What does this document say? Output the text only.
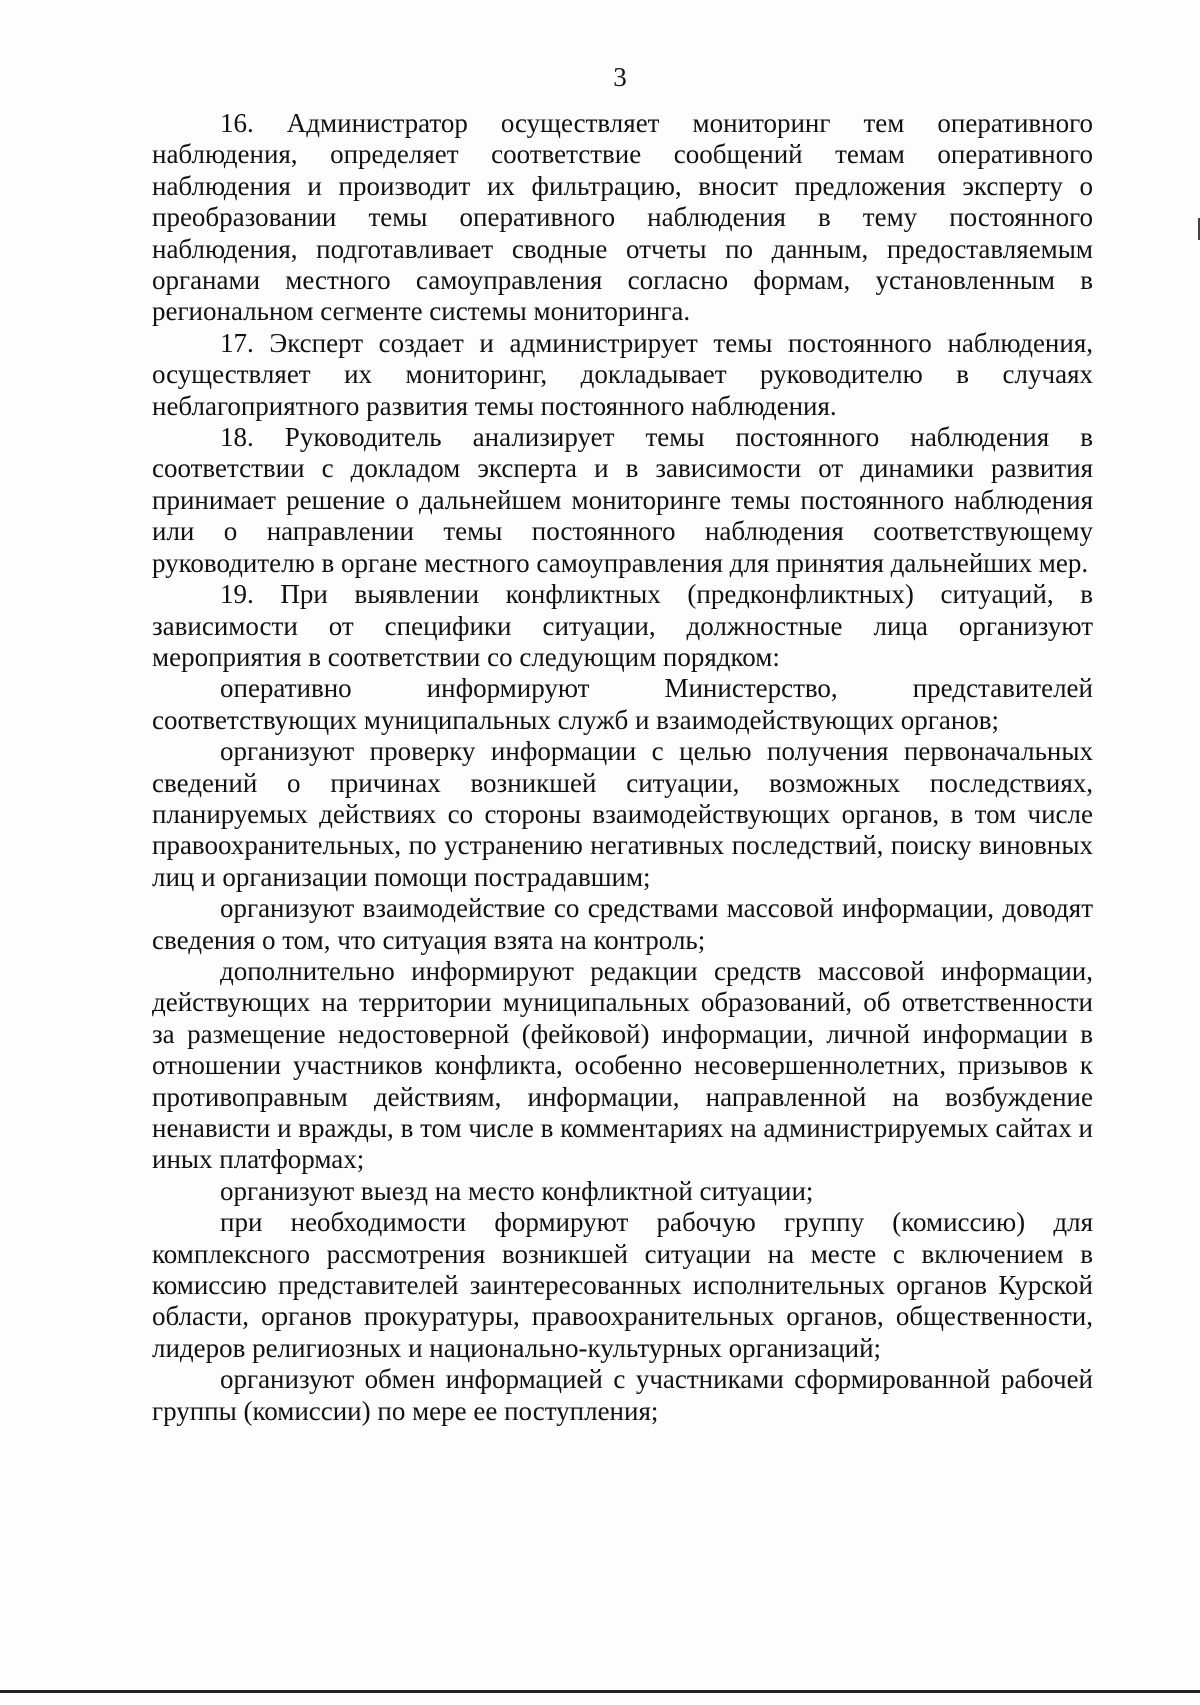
3

16. Администратор осуществляет мониторинг тем оперативного наблюдения, определяет соответствие сообщений темам оперативного наблюдения и производит их фильтрацию, вносит предложения эксперту о преобразовании темы оперативного наблюдения в тему постоянного наблюдения, подготавливает сводные отчеты по данным, предоставляемым органами местного самоуправления согласно формам, установленным в региональном сегменте системы мониторинга.

17. Эксперт создает и администрирует темы постоянного наблюдения, осуществляет их мониторинг, докладывает руководителю в случаях неблагоприятного развития темы постоянного наблюдения.

18. Руководитель анализирует темы постоянного наблюдения в соответствии с докладом эксперта и в зависимости от динамики развития принимает решение о дальнейшем мониторинге темы постоянного наблюдения или о направлении темы постоянного наблюдения соответствующему руководителю в органе местного самоуправления для принятия дальнейших мер.

19. При выявлении конфликтных (предконфликтных) ситуаций, в зависимости от специфики ситуации, должностные лица организуют мероприятия в соответствии со следующим порядком:

оперативно информируют Министерство, представителей соответствующих муниципальных служб и взаимодействующих органов;

организуют проверку информации с целью получения первоначальных сведений о причинах возникшей ситуации, возможных последствиях, планируемых действиях со стороны взаимодействующих органов, в том числе правоохранительных, по устранению негативных последствий, поиску виновных лиц и организации помощи пострадавшим;

организуют взаимодействие со средствами массовой информации, доводят сведения о том, что ситуация взята на контроль;

дополнительно информируют редакции средств массовой информации, действующих на территории муниципальных образований, об ответственности за размещение недостоверной (фейковой) информации, личной информации в отношении участников конфликта, особенно несовершеннолетних, призывов к противоправным действиям, информации, направленной на возбуждение ненависти и вражды, в том числе в комментариях на администрируемых сайтах и иных платформах;

организуют выезд на место конфликтной ситуации;

при необходимости формируют рабочую группу (комиссию) для комплексного рассмотрения возникшей ситуации на месте с включением в комиссию представителей заинтересованных исполнительных органов Курской области, органов прокуратуры, правоохранительных органов, общественности, лидеров религиозных и национально-культурных организаций;

организуют обмен информацией с участниками сформированной рабочей группы (комиссии) по мере ее поступления;
